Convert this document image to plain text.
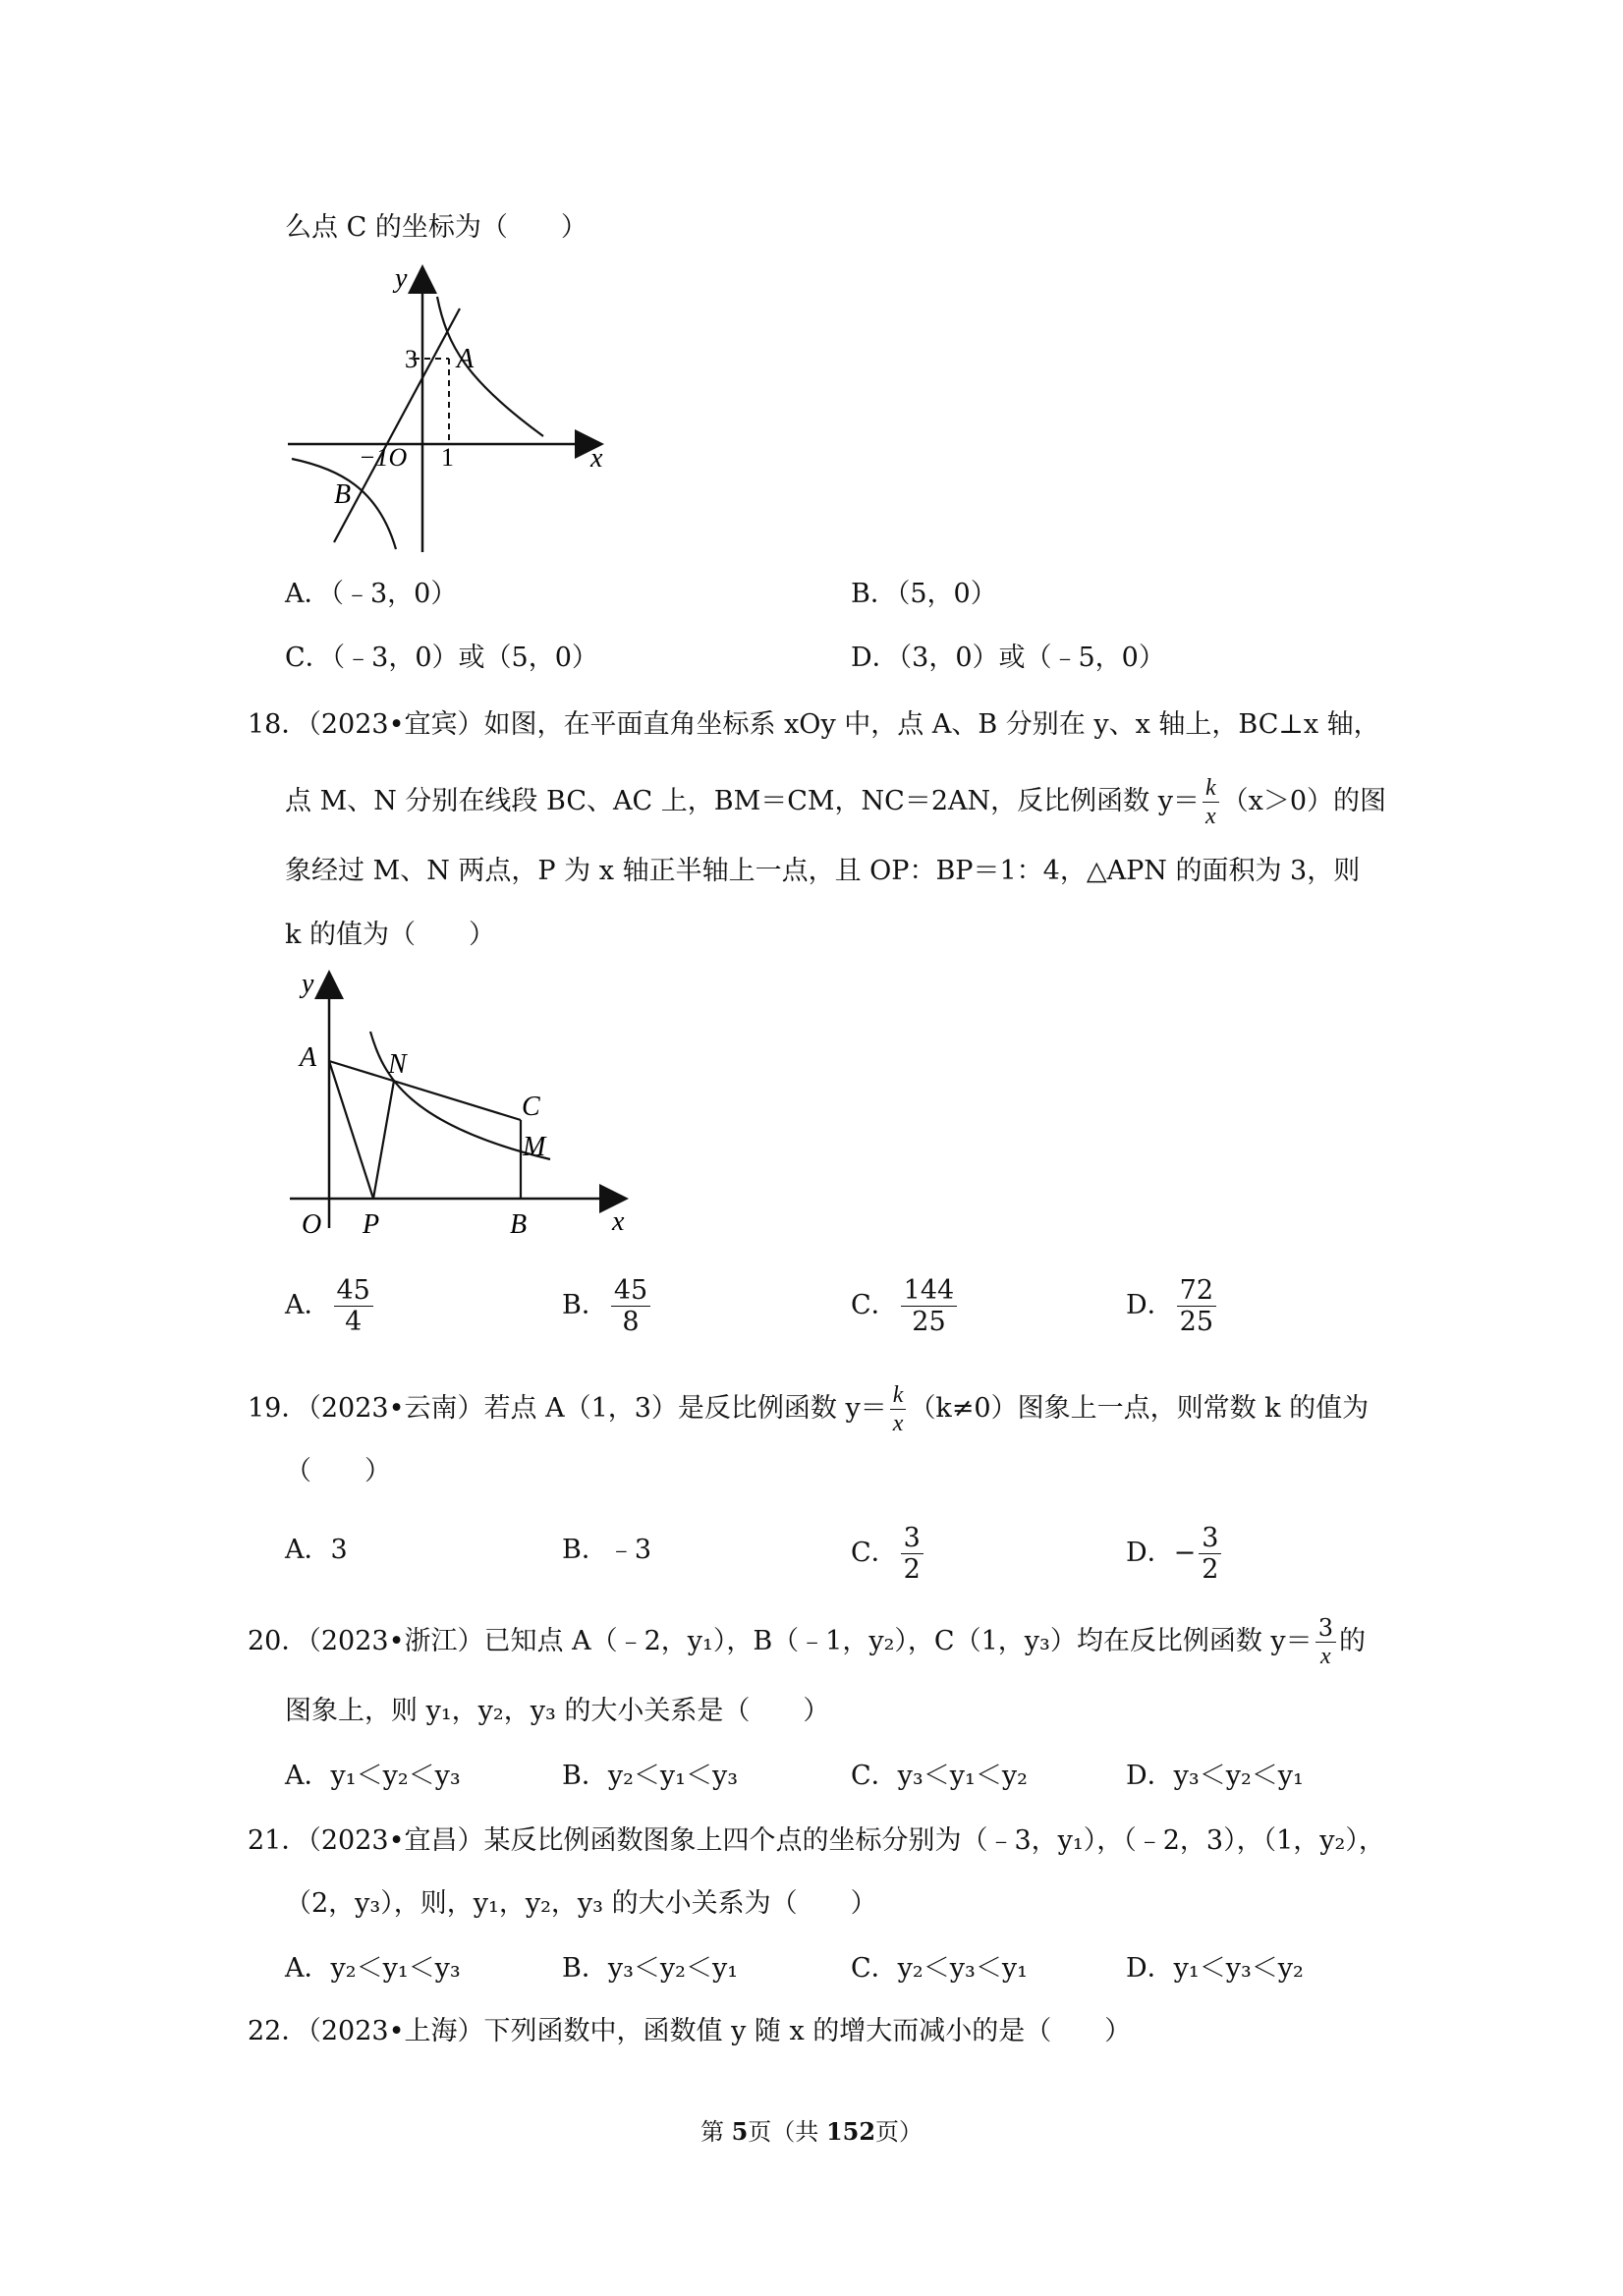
么点 C 的坐标为（　　）
y
3 A
x
−1O 1
B
A．（﹣3，0）	B．（5，0）
C．（﹣3，0）或（5，0）	D．（3，0）或（﹣5，0）
18．（2023•宜宾）如图，在平面直角坐标系 xOy 中，点 A、B 分别在 y、x 轴上，BC⊥x 轴，
点 M、N 分别在线段 BC、AC 上，BM＝CM，NC＝2AN，反比例函数 $y= \frac{k}{x} (x>0)$的图
象经过 M、N 两点，P 为 x 轴正半轴上一点，且 OP：BP＝1：4，△APN 的面积为 3，则
k 的值为（　　）
y
A	N
C
M
x
O P	B
A． $\frac{45}{4}$	B． $\frac{45}{8}$	C． $\frac{144}{25}$	D． $\frac{72}{25}$
19．（2023•云南）若点 A（1，3）是反比例函数 $y= \frac{k}{x} (k\ne 0)$图象上一点，则常数 k 的值为
（　　）
A．3	B．﹣3	C． $\frac{3}{2}$	D．− $\frac{3}{2}$
20．（2023•浙江）已知点 A（﹣2，y₁），B（﹣1，y₂），C（1，y₃）均在反比例函数 $y= \frac{3}{x}$ 的
图象上，则 y₁，y₂，y₃ 的大小关系是（　　）
A．y₁＜y₂＜y₃	B．y₂＜y₁＜y₃	C．y₃＜y₁＜y₂	D．y₃＜y₂＜y₁
21．（2023•宜昌）某反比例函数图象上四个点的坐标分别为（﹣3，y₁），（﹣2，3），（1，y₂），
（2，y₃），则，y₁，y₂，y₃ 的大小关系为（　　）
A．y₂＜y₁＜y₃	B．y₃＜y₂＜y₁	C．y₂＜y₃＜y₁	D．y₁＜y₃＜y₂
22．（2023•上海）下列函数中，函数值 y 随 x 的增大而减小的是（　　）
第 5页（共 152页）
